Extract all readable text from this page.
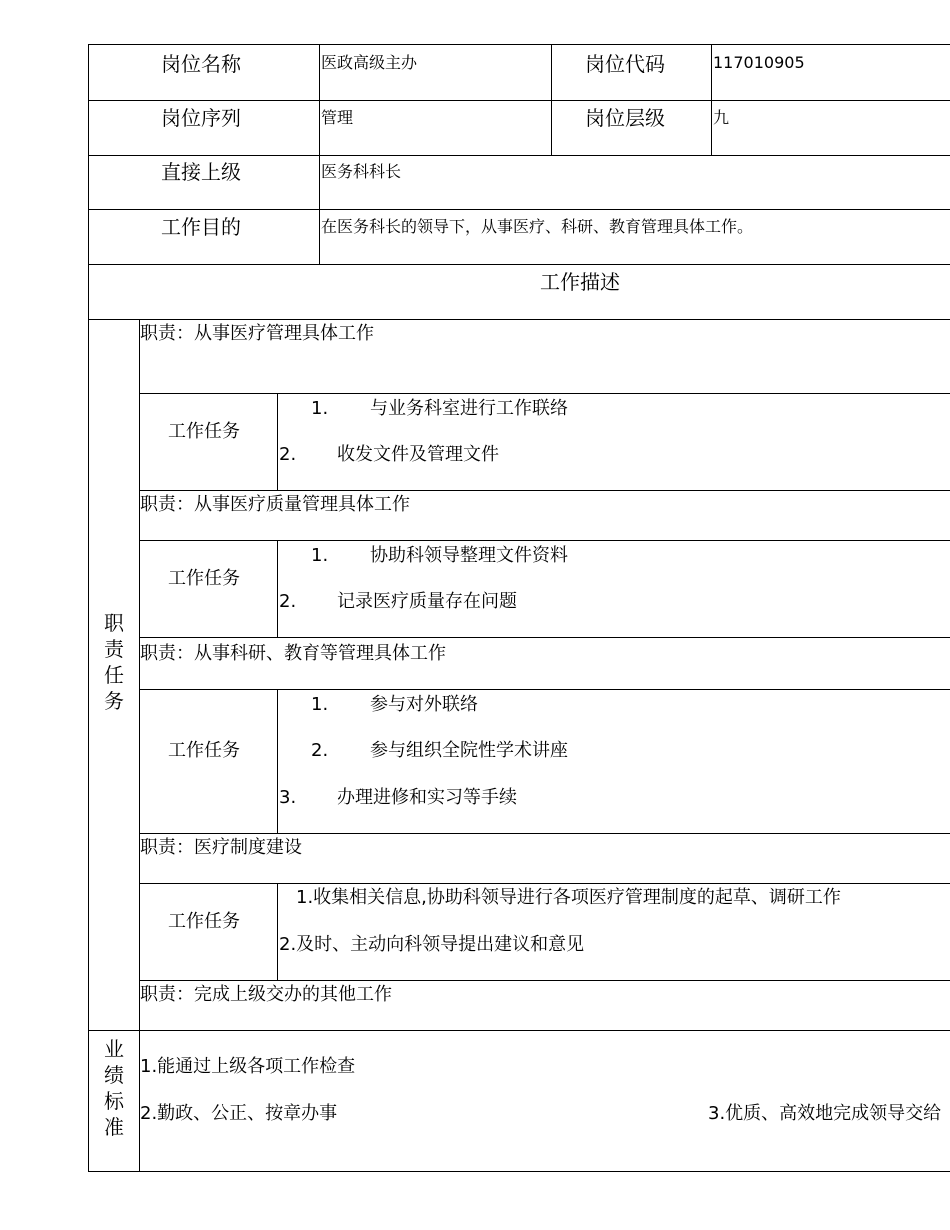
岗位名称	医政高级主办	岗位代码	117010905
岗位序列	管理	岗位层级	九
直接上级	医务科科长
工作目的	在医务科长的领导下，从事医疗、科研、教育管理具体工作。
工作描述
职责任务
职责：从事医疗管理具体工作
工作任务
1. 与业务科室进行工作联络
2. 收发文件及管理文件
职责：从事医疗质量管理具体工作
工作任务
1. 协助科领导整理文件资料
2. 记录医疗质量存在问题
职责：从事科研、教育等管理具体工作
工作任务
1. 参与对外联络
2. 参与组织全院性学术讲座
3. 办理进修和实习等手续
职责：医疗制度建设
工作任务
1.收集相关信息,协助科领导进行各项医疗管理制度的起草、调研工作
2.及时、主动向科领导提出建议和意见
职责：完成上级交办的其他工作
业绩标准
1.能通过上级各项工作检查
2.勤政、公正、按章办事	3.优质、高效地完成领导交给
